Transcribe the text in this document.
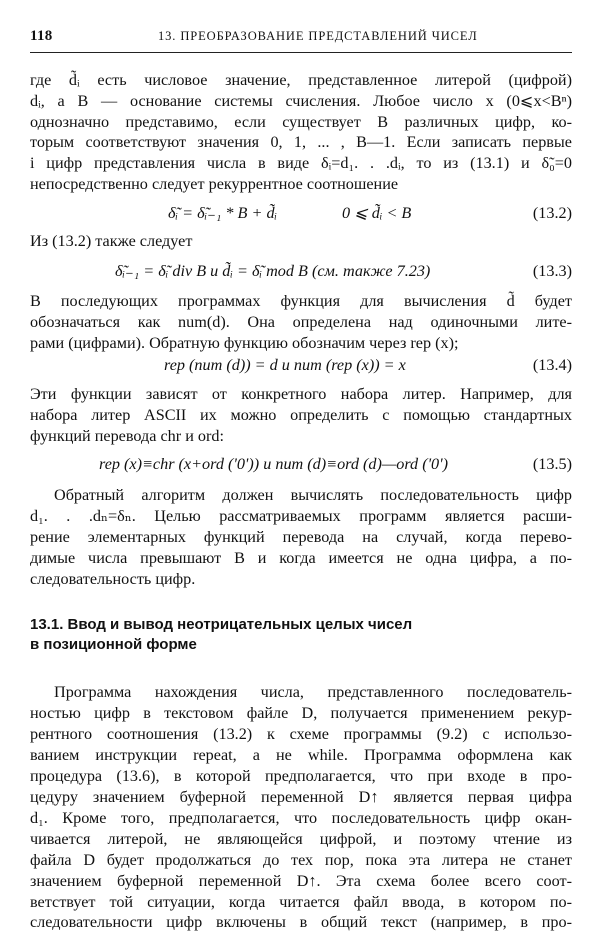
118	13. ПРЕОБРАЗОВАНИЕ ПРЕДСТАВЛЕНИЙ ЧИСЕЛ
где d̃ᵢ есть числовое значение, представленное литерой (цифрой)
dᵢ, а B — основание системы счисления. Любое число x (0⩽x<Bⁿ)
однозначно представимо, если существует B различных цифр, ко-
торым соответствуют значения 0, 1, ... , B—1. Если записать первые
i цифр представления числа в виде δᵢ=d₁. . .dᵢ, то из (13.1) и δ̃₀=0
непосредственно следует рекуррентное соотношение
δ̃ᵢ = δ̃ᵢ₋₁ * B + d̃ᵢ	0 ⩽ d̃ᵢ < B	(13.2)
Из (13.2) также следует
δ̃ᵢ₋₁ = δ̃ᵢ div B и d̃ᵢ = δ̃ᵢ mod B (см. также 7.23)	(13.3)
В последующих программах функция для вычисления d̃ будет
обозначаться как num(d). Она определена над одиночными лите-
рами (цифрами). Обратную функцию обозначим через rep (x);
rep (num (d)) = d и num (rep (x)) = x	(13.4)
Эти функции зависят от конкретного набора литер. Например, для
набора литер ASCII их можно определить с помощью стандартных
функций перевода chr и ord:
rep (x)≡chr (x+ord ('0')) и num (d)≡ord (d)—ord ('0')	(13.5)
Обратный алгоритм должен вычислять последовательность цифр
d₁. . .dₙ=δₙ. Целью рассматриваемых программ является расши-
рение элементарных функций перевода на случай, когда перево-
димые числа превышают B и когда имеется не одна цифра, а по-
следовательность цифр.
13.1. Ввод и вывод неотрицательных целых чисел
в позиционной форме
Программа нахождения числа, представленного последователь-
ностью цифр в текстовом файле D, получается применением рекур-
рентного соотношения (13.2) к схеме программы (9.2) с использо-
ванием инструкции repeat, а не while. Программа оформлена как
процедура (13.6), в которой предполагается, что при входе в про-
цедуру значением буферной переменной D↑ является первая цифра
d₁. Кроме того, предполагается, что последовательность цифр окан-
чивается литерой, не являющейся цифрой, и поэтому чтение из
файла D будет продолжаться до тех пор, пока эта литера не станет
значением буферной переменной D↑. Эта схема более всего соот-
ветствует той ситуации, когда читается файл ввода, в котором по-
следовательности цифр включены в общий текст (например, в про-
